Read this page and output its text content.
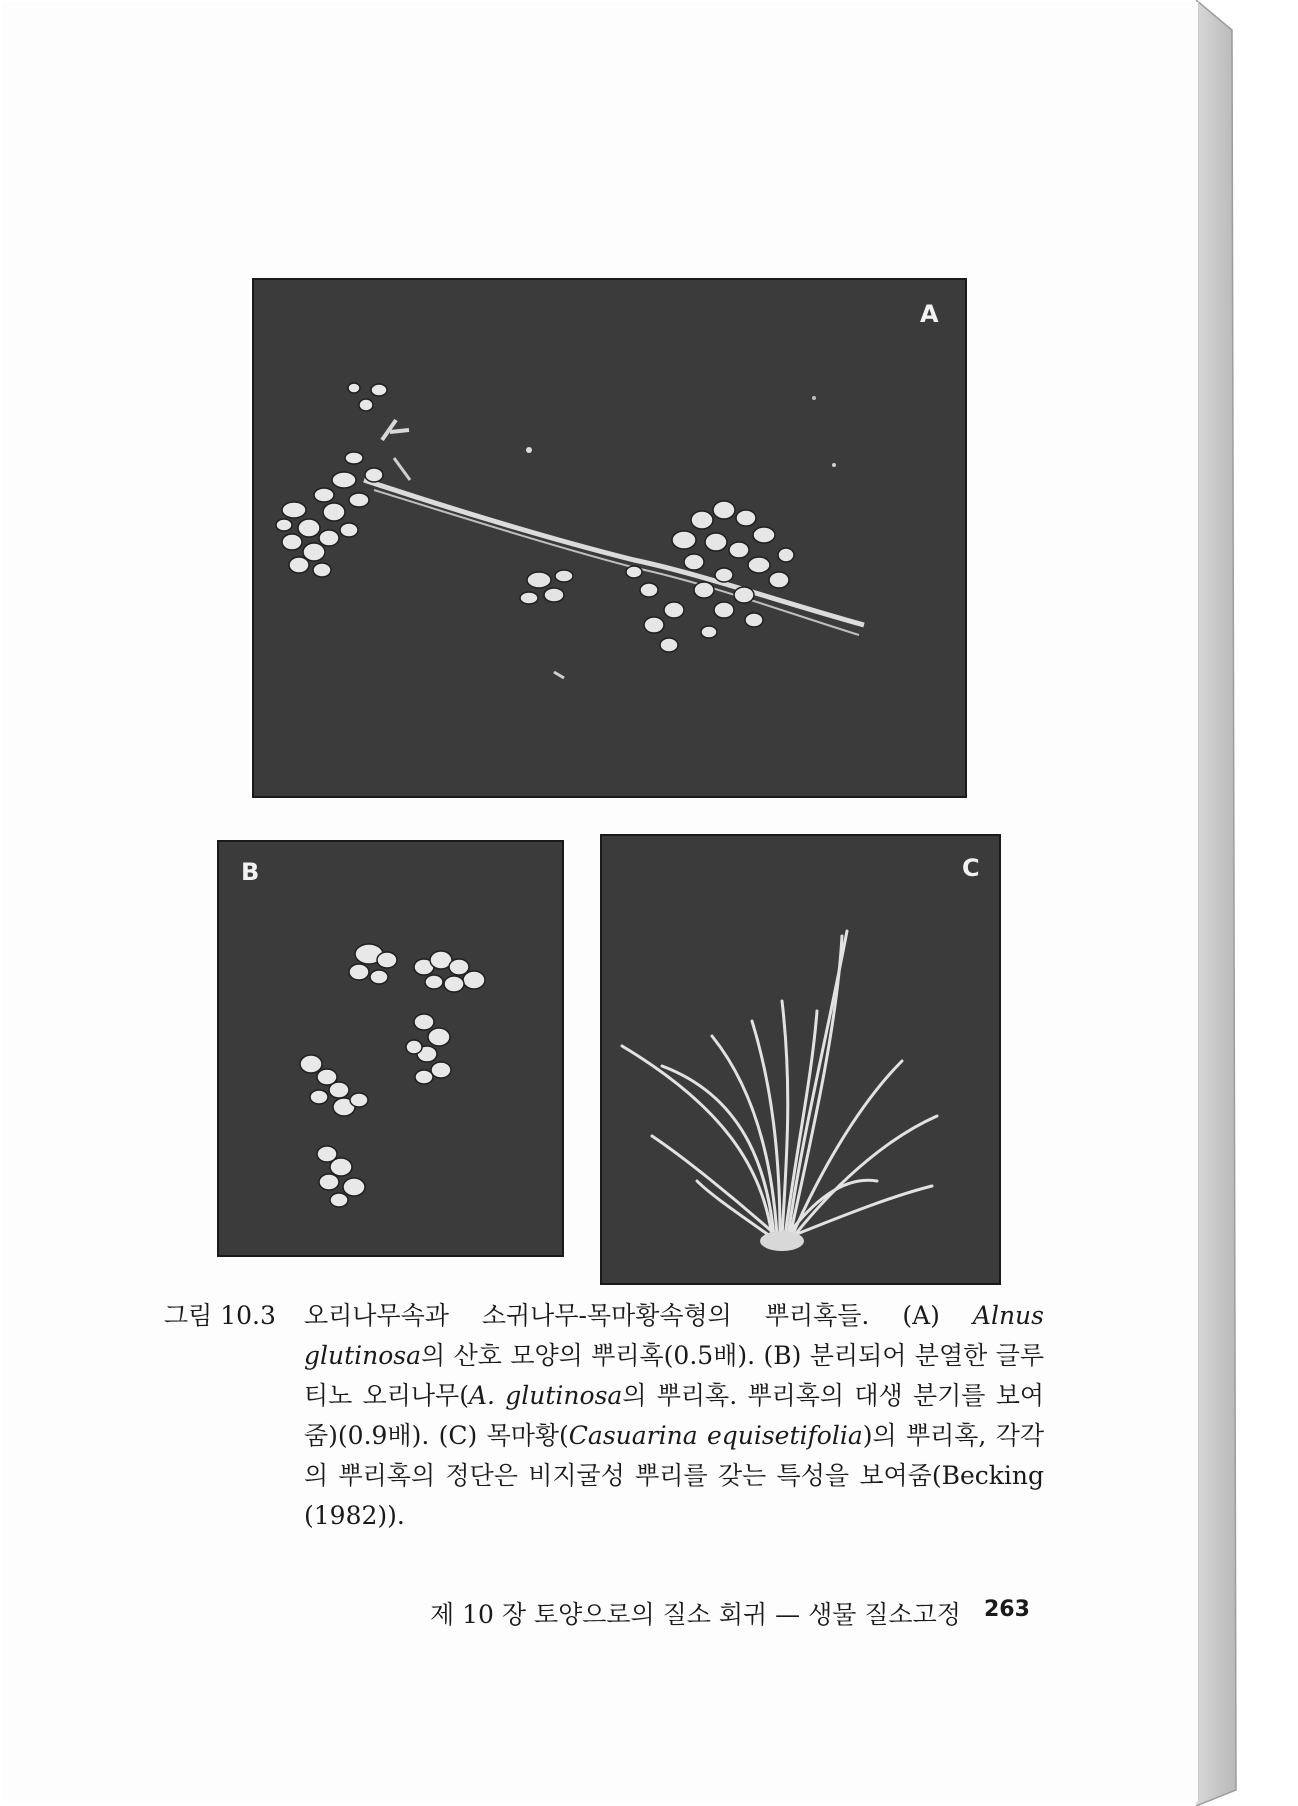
A
B	C
그림 10.3 오리나무속과 소귀나무-목마황속형의 뿌리혹들. (A) Alnus glutinosa의 산호 모양의 뿌리혹(0.5배). (B) 분리되어 분열한 글루티노 오리나무(A. glutinosa의 뿌리혹. 뿌리혹의 대생 분기를 보여줌)(0.9배). (C) 목마황(Casuarina equisetifolia)의 뿌리혹, 각각의 뿌리혹의 정단은 비지굴성 뿌리를 갖는 특성을 보여줌(Becking (1982)).
제 10 장 토양으로의 질소 회귀 — 생물 질소고정 263
